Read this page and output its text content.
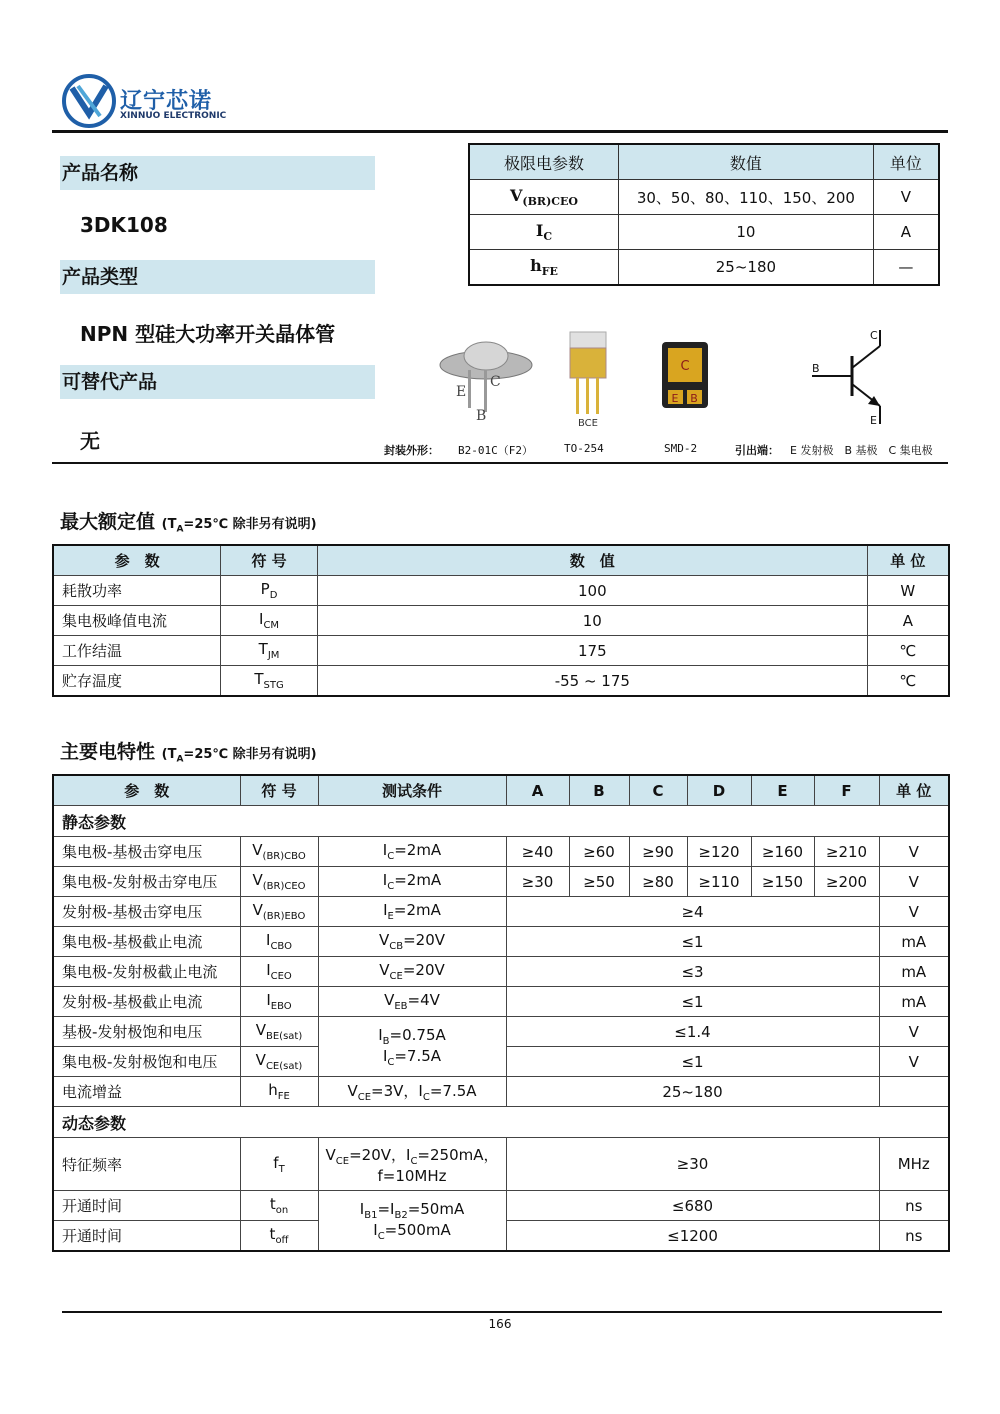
辽宁芯诺
XINNUO ELECTRONIC
产品名称
3DK108
产品类型
NPN 型硅大功率开关晶体管
可替代产品
无
极限电参数	数值	单位
$V_{(BR)CEO}$	30、50、80、110、150、200	V
$I_C$	10	A
$h_{FE}$	25~180	—
E
C
B	BCE
C
E B
C
B
E
封装外形： B2-01C（F2）	TO-254	SMD-2	引出端： E 发射极　B 基极　C 集电极
最大额定值 ($T_A=25℃$ 除非另有说明)
参　数	符 号	数　值	单 位
耗散功率	$P_D$	100	W
集电极峰值电流	$I_{CM}$	10	A
工作结温	$T_{JM}$	175	℃
贮存温度	$T_{STG}$	-55 ~ 175	℃
主要电特性 ($T_A=25℃$ 除非另有说明)
参　数	符 号	测试条件	A	B	C	D	E	F	单 位
静态参数									
集电极-基极击穿电压	$V_{(BR)CBO}$	$I_C=2mA$	≥40	≥60	≥90	≥120	≥160	≥210	V
集电极-发射极击穿电压	$V_{(BR)CEO}$	$I_C=2mA$	≥30	≥50	≥80	≥110	≥150	≥200	V
发射极-基极击穿电压	$V_{(BR)EBO}$	$I_E=2mA$	≥4						V
集电极-基极截止电流	$I_{CBO}$	$V_{CB}=20V$	≤1						mA
集电极-发射极截止电流	$I_{CEO}$	$V_{CE}=20V$	≤3						mA
发射极-基极截止电流	$I_{EBO}$	$V_{EB}=4V$	≤1						mA
基极-发射极饱和电压	$V_{BE(sat)}$	$I_B=0.75A$
$I_C=7.5A$	≤1.4						V
集电极-发射极饱和电压	$V_{CE(sat)}$		≤1						V
电流增益	$h_{FE}$	$V_{CE}=3V$，$I_C=7.5A$	25~180						
动态参数									
特征频率	$f_T$	$V_{CE}=20V$，$I_C=250mA$，
f=10MHz	≥30						MHz
开通时间	$t_{on}$	$I_{B1}=I_{B2}=50mA$
$I_C=500mA$	≤680						ns
开通时间	$t_{off}$		≤1200						ns
166
